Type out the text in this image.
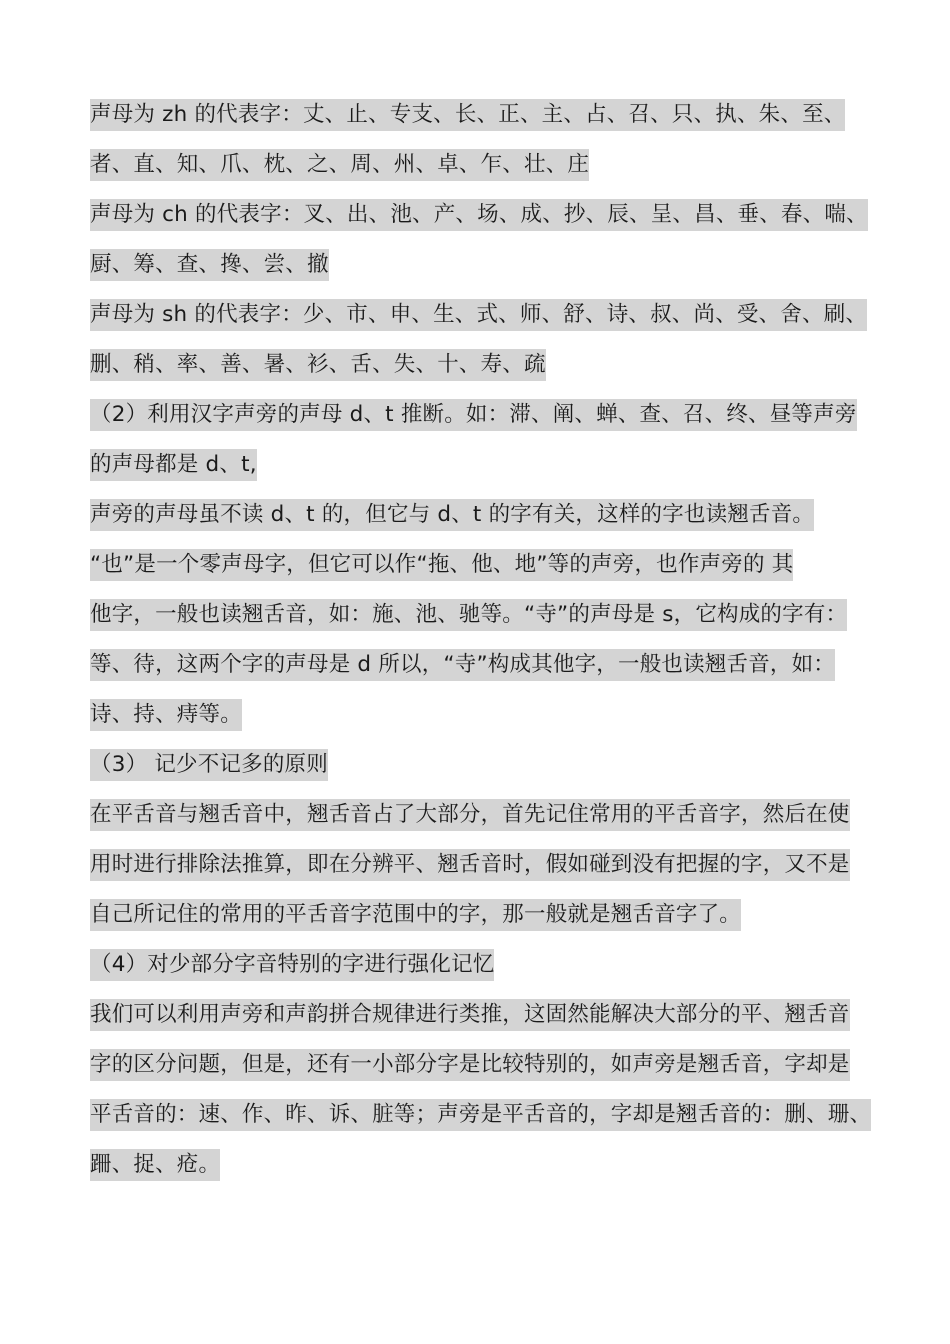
声母为 zh 的代表字：丈、止、专支、长、正、主、占、召、只、执、朱、至、
者、直、知、爪、枕、之、周、州、卓、乍、壮、庄
声母为 ch 的代表字：叉、出、池、产、场、成、抄、辰、呈、昌、垂、春、喘、
厨、筹、查、搀、尝、撤
声母为 sh 的代表字：少、市、申、生、式、师、舒、诗、叔、尚、受、舍、刷、
删、稍、率、善、暑、衫、舌、失、十、寿、疏
（2）利用汉字声旁的声母 d、t 推断。如：滞、阐、蝉、查、召、终、昼等声旁
的声母都是 d、t,
声旁的声母虽不读 d、t 的，但它与 d、t 的字有关，这样的字也读翘舌音。
“也”是一个零声母字，但它可以作“拖、他、地”等的声旁，也作声旁的 其
他字，一般也读翘舌音，如：施、池、驰等。“寺”的声母是 s，它构成的字有：
等、待，这两个字的声母是 d 所以，“寺”构成其他字，一般也读翘舌音，如：
诗、持、痔等。
（3） 记少不记多的原则
在平舌音与翘舌音中，翘舌音占了大部分，首先记住常用的平舌音字，然后在使
用时进行排除法推算，即在分辨平、翘舌音时，假如碰到没有把握的字，又不是
自己所记住的常用的平舌音字范围中的字，那一般就是翘舌音字了。
（4）对少部分字音特别的字进行强化记忆
我们可以利用声旁和声韵拼合规律进行类推，这固然能解决大部分的平、翘舌音
字的区分问题，但是，还有一小部分字是比较特别的，如声旁是翘舌音，字却是
平舌音的：速、作、昨、诉、脏等；声旁是平舌音的，字却是翘舌音的：删、珊、
跚、捉、疮。
